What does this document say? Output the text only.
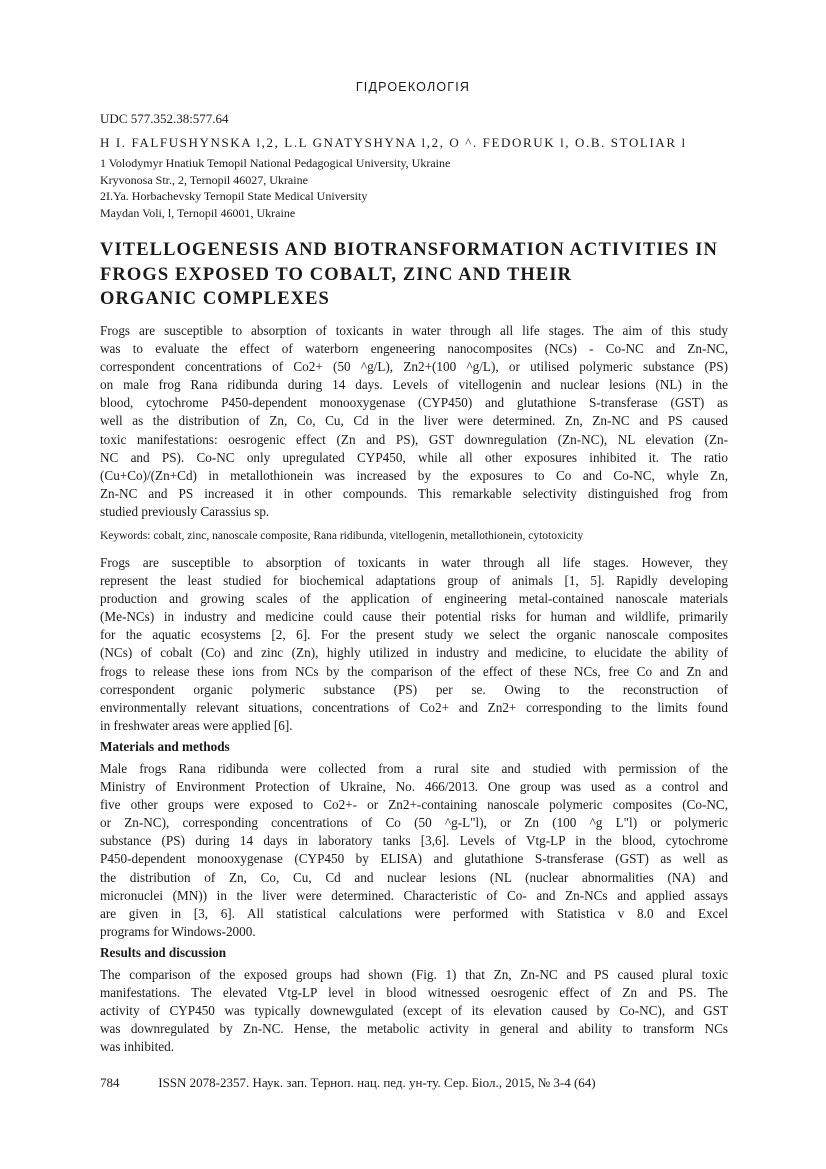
ГІДРОЕКОЛОГІЯ
UDC 577.352.38:577.64
H I. FALFUSHYNSKA l,2, L.L GNATYSHYNA l,2, O ^. FEDORUK l, O.B. STOLIAR l
1 Volodymyr Hnatiuk Temopil National Pedagogical University, Ukraine
Kryvonosa Str., 2, Ternopil 46027, Ukraine
2I.Ya. Horbachevsky Ternopil State Medical University
Maydan Voli, l, Ternopil 46001, Ukraine
VITELLOGENESIS AND BIOTRANSFORMATION ACTIVITIES IN
FROGS EXPOSED TO COBALT, ZINC AND THEIR
ORGANIC COMPLEXES
Frogs are susceptible to absorption of toxicants in water through all life stages. The aim of this study
was to evaluate the effect of waterborn engeneering nanocomposites (NCs) - Co-NC and Zn-NC,
correspondent concentrations of Co2+ (50 ^g/L), Zn2+(100 ^g/L), or utilised polymeric substance (PS)
on male frog Rana ridibunda during 14 days. Levels of vitellogenin and nuclear lesions (NL) in the
blood, cytochrome P450-dependent monooxygenase (CYP450) and glutathione S-transferase (GST) as
well as the distribution of Zn, Co, Cu, Cd in the liver were determined. Zn, Zn-NC and PS caused
toxic manifestations: oesrogenic effect (Zn and PS), GST downregulation (Zn-NC), NL elevation (Zn-
NC and PS). Co-NC only upregulated CYP450, while all other exposures inhibited it. The ratio
(Cu+Co)/(Zn+Cd) in metallothionein was increased by the exposures to Co and Co-NC, whyle Zn,
Zn-NC and PS increased it in other compounds. This remarkable selectivity distinguished frog from
studied previously Carassius sp.
Keywords: cobalt, zinc, nanoscale composite, Rana ridibunda, vitellogenin, metallothionein, cytotoxicity
Frogs are susceptible to absorption of toxicants in water through all life stages. However, they
represent the least studied for biochemical adaptations group of animals [1, 5]. Rapidly developing
production and growing scales of the application of engineering metal-contained nanoscale materials
(Me-NCs) in industry and medicine could cause their potential risks for human and wildlife, primarily
for the aquatic ecosystems [2, 6]. For the present study we select the organic nanoscale composites
(NCs) of cobalt (Co) and zinc (Zn), highly utilized in industry and medicine, to elucidate the ability of
frogs to release these ions from NCs by the comparison of the effect of these NCs, free Co and Zn and
correspondent organic polymeric substance (PS) per se. Owing to the reconstruction of
environmentally relevant situations, concentrations of Co2+ and Zn2+ corresponding to the limits found
in freshwater areas were applied [6].
Materials and methods
Male frogs Rana ridibunda were collected from a rural site and studied with permission of the
Ministry of Environment Protection of Ukraine, No. 466/2013. One group was used as a control and
five other groups were exposed to Co2+- or Zn2+-containing nanoscale polymeric composites (Co-NC,
or Zn-NC), corresponding concentrations of Co (50 ^g-L"l), or Zn (100 ^g L"l) or polymeric
substance (PS) during 14 days in laboratory tanks [3,6]. Levels of Vtg-LP in the blood, cytochrome
P450-dependent monooxygenase (CYP450 by ELISA) and glutathione S-transferase (GST) as well as
the distribution of Zn, Co, Cu, Cd and nuclear lesions (NL (nuclear abnormalities (NA) and
micronuclei (MN)) in the liver were determined. Characteristic of Co- and Zn-NCs and applied assays
are given in [3, 6]. All statistical calculations were performed with Statistica v 8.0 and Excel
programs for Windows-2000.
Results and discussion
The comparison of the exposed groups had shown (Fig. 1) that Zn, Zn-NC and PS caused plural toxic
manifestations. The elevated Vtg-LP level in blood witnessed oesrogenic effect of Zn and PS. The
activity of CYP450 was typically downewgulated (except of its elevation caused by Co-NC), and GST
was downregulated by Zn-NC. Hense, the metabolic activity in general and ability to transform NCs
was inhibited.
784	ISSN 2078-2357. Наук. зап. Терноп. нац. пед. ун-ту. Сер. Біол., 2015, № 3-4 (64)
